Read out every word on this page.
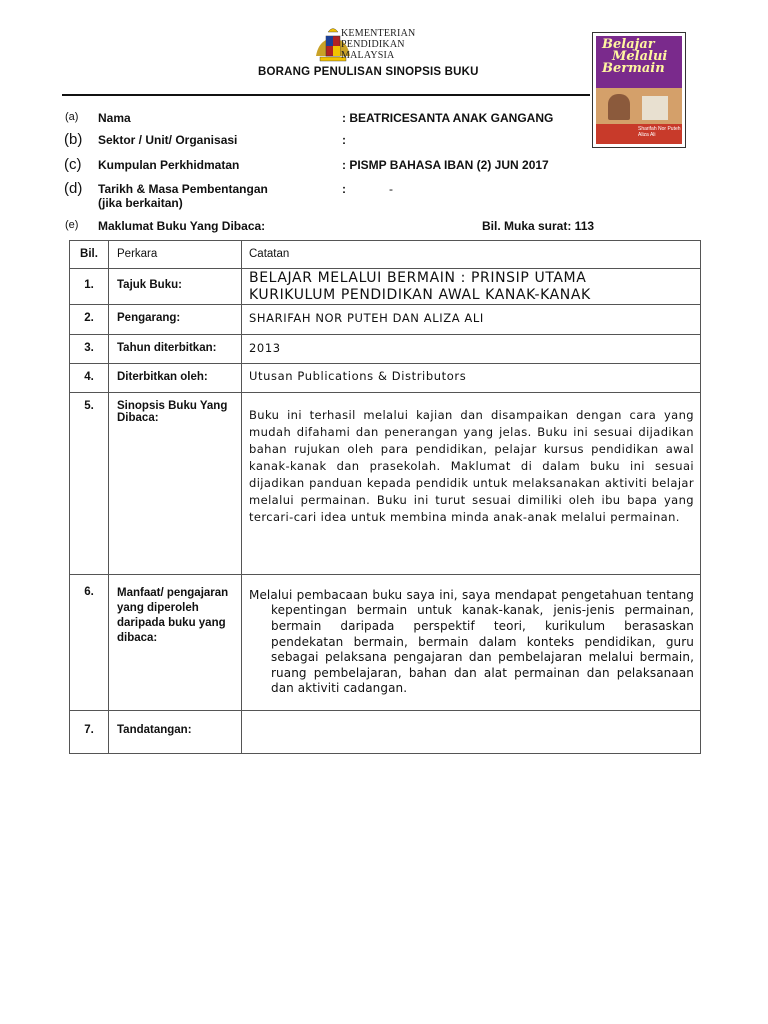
KEMENTERIAN
PENDIDIKAN
MALAYSIA
BORANG PENULISAN SINOPSIS BUKU
Belajar
Melalui
Bermain
Sharifah Nor Puteh
Aliza Ali
(a) Nama	: BEATRICESANTA ANAK GANGANG
(b) Sektor / Unit/ Organisasi	:
(c) Kumpulan Perkhidmatan	: PISMP BAHASA IBAN (2) JUN 2017
(d) Tarikh & Masa Pembentangan
(jika berkaitan)
:	-
(e) Maklumat Buku Yang Dibaca:	Bil. Muka surat: 113
Bil.	Perkara	Catatan
1.	Tajuk Buku:	BELAJAR MELALUI BERMAIN : PRINSIP UTAMA
KURIKULUM PENDIDIKAN AWAL KANAK-KANAK

2.	Pengarang:	SHARIFAH NOR PUTEH DAN ALIZA ALI
3.	Tahun diterbitkan:	2013
4.	Diterbitkan oleh:	Utusan Publications & Distributors
5.	Sinopsis Buku Yang Dibaca:	Buku ini terhasil melalui kajian dan disampaikan dengan cara yang mudah difahami dan penerangan yang jelas. Buku ini sesuai dijadikan bahan rujukan oleh para pendidikan, pelajar kursus pendidikan awal kanak-kanak dan prasekolah. Maklumat di dalam buku ini sesuai dijadikan panduan kepada pendidik untuk melaksanakan aktiviti belajar melalui permainan. Buku ini turut sesuai dimiliki oleh ibu bapa yang tercari-cari idea untuk membina minda anak-anak melalui permainan.
6.	Manfaat/ pengajaran yang diperoleh daripada buku yang dibaca:	Melalui pembacaan buku saya ini, saya mendapat pengetahuan tentang kepentingan bermain untuk kanak-kanak, jenis-jenis permainan, bermain daripada perspektif teori, kurikulum berasaskan pendekatan bermain, bermain dalam konteks pendidikan, guru sebagai pelaksana pengajaran dan pembelajaran melalui bermain, ruang pembelajaran, bahan dan alat permainan dan pelaksanaan dan aktiviti cadangan.

7.	Tandatangan:	
